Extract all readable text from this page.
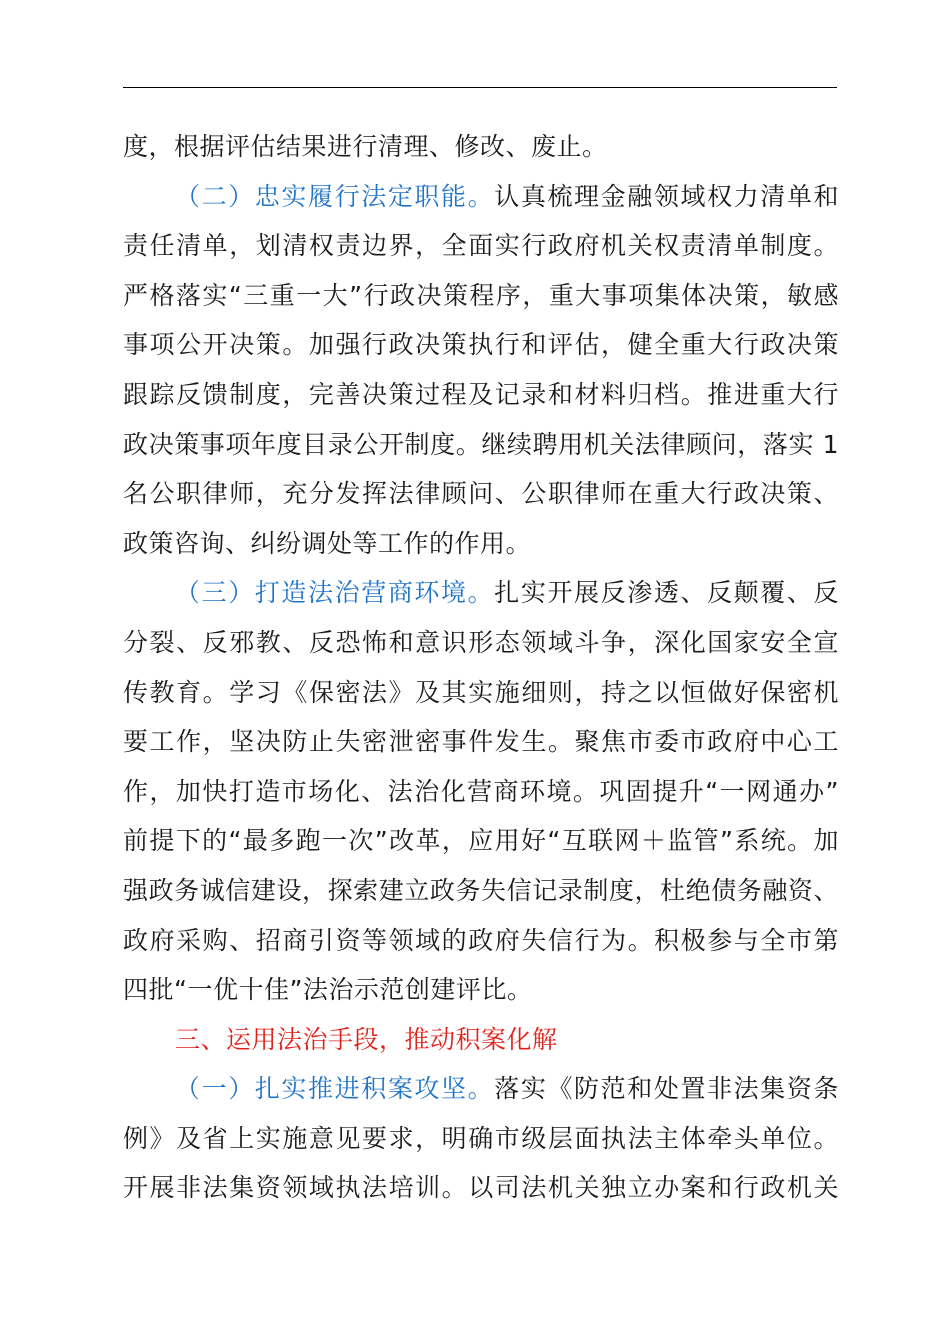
度，根据评估结果进行清理、修改、废止。
（二）忠实履行法定职能。认真梳理金融领域权力清单和
责任清单，划清权责边界，全面实行政府机关权责清单制度。
严格落实“三重一大”行政决策程序，重大事项集体决策，敏感
事项公开决策。加强行政决策执行和评估，健全重大行政决策
跟踪反馈制度，完善决策过程及记录和材料归档。推进重大行
政决策事项年度目录公开制度。继续聘用机关法律顾问，落实 1
名公职律师，充分发挥法律顾问、公职律师在重大行政决策、
政策咨询、纠纷调处等工作的作用。
（三）打造法治营商环境。扎实开展反渗透、反颠覆、反
分裂、反邪教、反恐怖和意识形态领域斗争，深化国家安全宣
传教育。学习《保密法》及其实施细则，持之以恒做好保密机
要工作，坚决防止失密泄密事件发生。聚焦市委市政府中心工
作，加快打造市场化、法治化营商环境。巩固提升“一网通办”
前提下的“最多跑一次”改革，应用好“互联网＋监管”系统。加
强政务诚信建设，探索建立政务失信记录制度，杜绝债务融资、
政府采购、招商引资等领域的政府失信行为。积极参与全市第
四批“一优十佳”法治示范创建评比。
三、运用法治手段，推动积案化解
（一）扎实推进积案攻坚。落实《防范和处置非法集资条
例》及省上实施意见要求，明确市级层面执法主体牵头单位。
开展非法集资领域执法培训。以司法机关独立办案和行政机关
